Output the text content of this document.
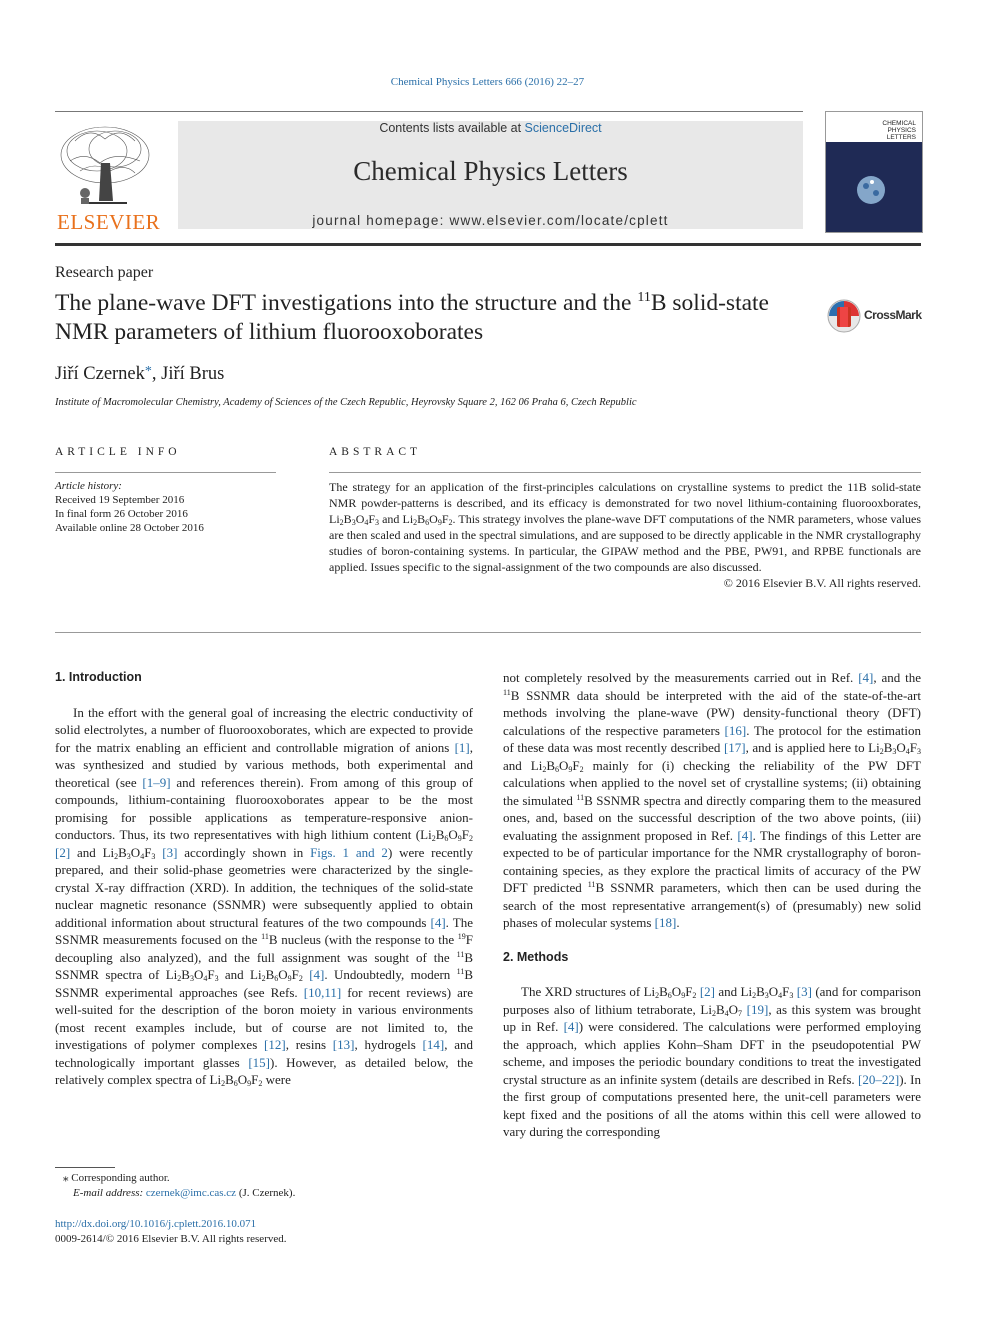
Chemical Physics Letters 666 (2016) 22–27
ELSEVIER
Contents lists available at ScienceDirect
Chemical Physics Letters
journal homepage: www.elsevier.com/locate/cplett
CHEMICAL PHYSICS LETTERS
Research paper
The plane-wave DFT investigations into the structure and the $^{11}$B solid-state NMR parameters of lithium fluorooxoborates
CrossMark
Jiří Czernek*, Jiří Brus
Institute of Macromolecular Chemistry, Academy of Sciences of the Czech Republic, Heyrovsky Square 2, 162 06 Praha 6, Czech Republic
ARTICLE INFO	ABSTRACT
Article history:
Received 19 September 2016
In final form 26 October 2016
Available online 28 October 2016
The strategy for an application of the first-principles calculations on crystalline systems to predict the 11B solid-state NMR powder-patterns is described, and its efficacy is demonstrated for two novel lithium-containing fluorooxborates, $Li_2B_3O_4F_3$ and $Li_2B_6O_9F_2$. This strategy involves the plane-wave DFT computations of the NMR parameters, whose values are then scaled and used in the spectral simulations, and are supposed to be directly applicable in the NMR crystallography studies of boron-containing systems. In particular, the GIPAW method and the PBE, PW91, and RPBE functionals are applied. Issues specific to the signal-assignment of the two compounds are also discussed.
© 2016 Elsevier B.V. All rights reserved.
1. Introduction

In the effort with the general goal of increasing the electric conductivity of solid electrolytes, a number of fluorooxoborates, which are expected to provide for the matrix enabling an efficient and controllable migration of anions [1], was synthesized and studied by various methods, both experimental and theoretical (see [1–9] and references therein). From among of this group of compounds, lithium-containing fluorooxoborates appear to be the most promising for possible applications as temperature-responsive anion-conductors. Thus, its two representatives with high lithium content ($Li_2B_6O_9F_2$ [2] and $Li_2B_3O_4F_3$ [3] accordingly shown in Figs. 1 and 2) were recently prepared, and their solid-phase geometries were characterized by the single-crystal X-ray diffraction (XRD). In addition, the techniques of the solid-state nuclear magnetic resonance (SSNMR) were subsequently applied to obtain additional information about structural features of the two compounds [4]. The SSNMR measurements focused on the $^{11}$B nucleus (with the response to the $^{19}$F decoupling also analyzed), and the full assignment was sought of the $^{11}$B SSNMR spectra of $Li_2B_3O_4F_3$ and $Li_2B_6O_9F_2$ [4]. Undoubtedly, modern $^{11}$B SSNMR experimental approaches (see Refs. [10,11] for recent reviews) are well-suited for the description of the boron moiety in various environments (most recent examples include, but of course are not limited to, the investigations of polymer complexes [12], resins [13], hydrogels [14], and technologically important glasses [15]). However, as detailed below, the relatively complex spectra of $Li_2B_6O_9F_2$ were

not completely resolved by the measurements carried out in Ref. [4], and the $^{11}$B SSNMR data should be interpreted with the aid of the state-of-the-art methods involving the plane-wave (PW) density-functional theory (DFT) calculations of the respective parameters [16]. The protocol for the estimation of these data was most recently described [17], and is applied here to $Li_2B_3O_4F_3$ and $Li_2B_6O_9F_2$ mainly for (i) checking the reliability of the PW DFT calculations when applied to the novel set of crystalline systems; (ii) obtaining the simulated $^{11}$B SSNMR spectra and directly comparing them to the measured ones, and, based on the successful description of the two above points, (iii) evaluating the assignment proposed in Ref. [4]. The findings of this Letter are expected to be of particular importance for the NMR crystallography of boron-containing species, as they explore the practical limits of accuracy of the PW DFT predicted $^{11}$B SSNMR parameters, which then can be used during the search of the most representative arrangement(s) of (presumably) new solid phases of molecular systems [18].

2. Methods

The XRD structures of $Li_2B_6O_9F_2$ [2] and $Li_2B_3O_4F_3$ [3] (and for comparison purposes also of lithium tetraborate, $Li_2B_4O_7$ [19], as this system was brought up in Ref. [4]) were considered. The calculations were performed employing the approach, which applies Kohn–Sham DFT in the pseudopotential PW scheme, and imposes the periodic boundary conditions to treat the investigated crystal structure as an infinite system (details are described in Refs. [20–22]). In the first group of computations presented here, the unit-cell parameters were kept fixed and the positions of all the atoms within this cell were allowed to vary during the corresponding

⁎ Corresponding author.
E-mail address: czernek@imc.cas.cz (J. Czernek).
http://dx.doi.org/10.1016/j.cplett.2016.10.071
0009-2614/© 2016 Elsevier B.V. All rights reserved.
